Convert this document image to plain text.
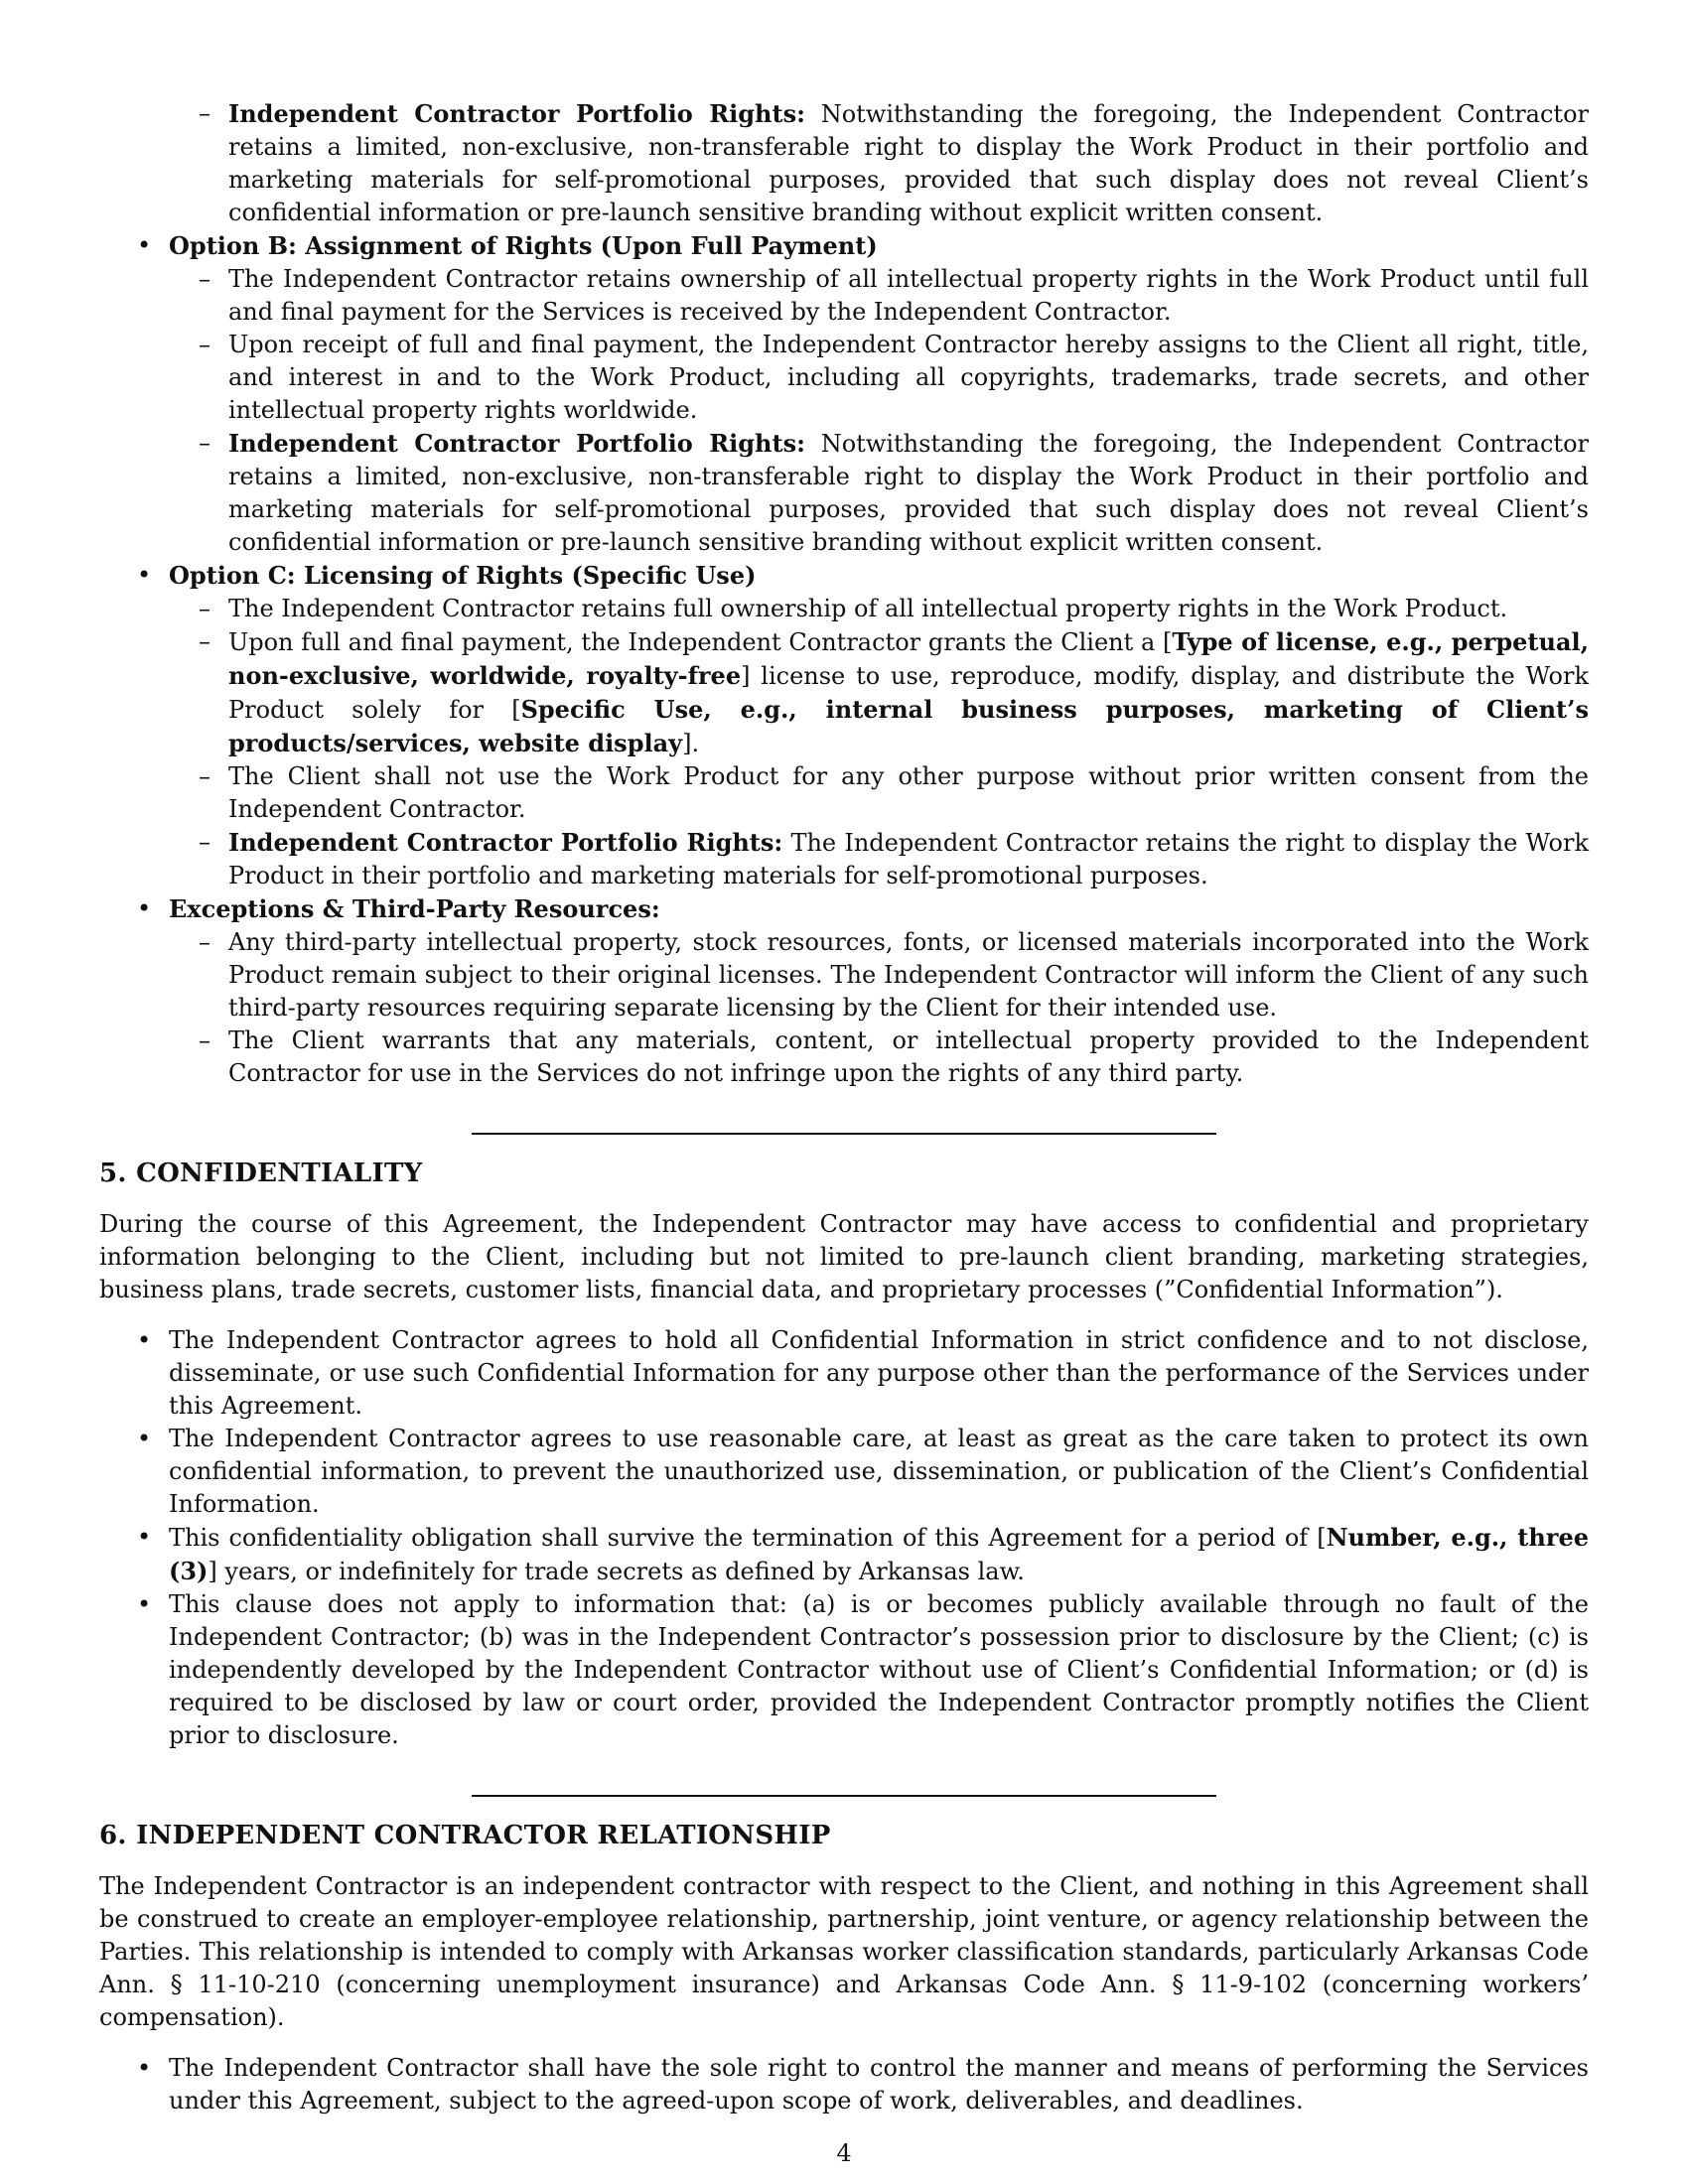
– Independent Contractor Portfolio Rights: Notwithstanding the foregoing, the Independent Contractor retains a limited, non-exclusive, non-transferable right to display the Work Product in their portfolio and marketing materials for self-promotional purposes, provided that such display does not reveal Client’s confidential information or pre-launch sensitive branding without explicit written consent.
• Option B: Assignment of Rights (Upon Full Payment)
– The Independent Contractor retains ownership of all intellectual property rights in the Work Product until full and final payment for the Services is received by the Independent Contractor.
– Upon receipt of full and final payment, the Independent Contractor hereby assigns to the Client all right, title, and interest in and to the Work Product, including all copyrights, trademarks, trade secrets, and other intellectual property rights worldwide.
– Independent Contractor Portfolio Rights: Notwithstanding the foregoing, the Independent Contractor retains a limited, non-exclusive, non-transferable right to display the Work Product in their portfolio and marketing materials for self-promotional purposes, provided that such display does not reveal Client’s confidential information or pre-launch sensitive branding without explicit written consent.
• Option C: Licensing of Rights (Specific Use)
– The Independent Contractor retains full ownership of all intellectual property rights in the Work Product.
– Upon full and final payment, the Independent Contractor grants the Client a [Type of license, e.g., perpetual, non-exclusive, worldwide, royalty-free] license to use, reproduce, modify, display, and distribute the Work Product solely for [Specific Use, e.g., internal business purposes, marketing of Client’s products/services, website display].
– The Client shall not use the Work Product for any other purpose without prior written consent from the Independent Contractor.
– Independent Contractor Portfolio Rights: The Independent Contractor retains the right to display the Work Product in their portfolio and marketing materials for self-promotional purposes.
• Exceptions & Third-Party Resources:
– Any third-party intellectual property, stock resources, fonts, or licensed materials incorporated into the Work Product remain subject to their original licenses. The Independent Contractor will inform the Client of any such third-party resources requiring separate licensing by the Client for their intended use.
– The Client warrants that any materials, content, or intellectual property provided to the Independent Contractor for use in the Services do not infringe upon the rights of any third party.
5. CONFIDENTIALITY

During the course of this Agreement, the Independent Contractor may have access to confidential and proprietary information belonging to the Client, including but not limited to pre-launch client branding, marketing strategies, business plans, trade secrets, customer lists, financial data, and proprietary processes (”Confidential Information”).

• The Independent Contractor agrees to hold all Confidential Information in strict confidence and to not disclose, disseminate, or use such Confidential Information for any purpose other than the performance of the Services under this Agreement.
• The Independent Contractor agrees to use reasonable care, at least as great as the care taken to protect its own confidential information, to prevent the unauthorized use, dissemination, or publication of the Client’s Confidential Information.
• This confidentiality obligation shall survive the termination of this Agreement for a period of [Number, e.g., three (3)] years, or indefinitely for trade secrets as defined by Arkansas law.
• This clause does not apply to information that: (a) is or becomes publicly available through no fault of the Independent Contractor; (b) was in the Independent Contractor’s possession prior to disclosure by the Client; (c) is independently developed by the Independent Contractor without use of Client’s Confidential Information; or (d) is required to be disclosed by law or court order, provided the Independent Contractor promptly notifies the Client prior to disclosure.
6. INDEPENDENT CONTRACTOR RELATIONSHIP

The Independent Contractor is an independent contractor with respect to the Client, and nothing in this Agreement shall be construed to create an employer-employee relationship, partnership, joint venture, or agency relationship between the Parties. This relationship is intended to comply with Arkansas worker classification standards, particularly Arkansas Code Ann. § 11-10-210 (concerning unemployment insurance) and Arkansas Code Ann. § 11-9-102 (concerning workers’ compensation).

• The Independent Contractor shall have the sole right to control the manner and means of performing the Services under this Agreement, subject to the agreed-upon scope of work, deliverables, and deadlines.
4
